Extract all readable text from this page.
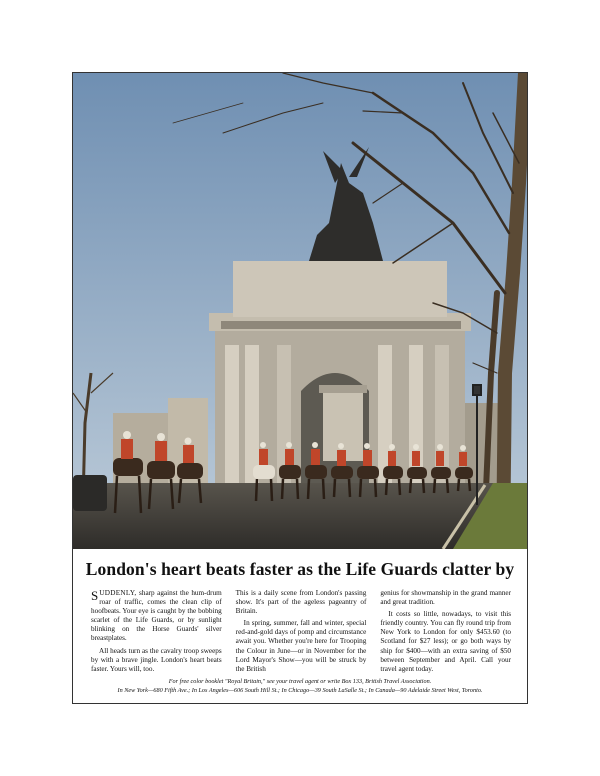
London's heart beats faster as the Life Guards clatter by

SUDDENLY, sharp against the hum-drum roar of traffic, comes the clean clip of hoofbeats. Your eye is caught by the bobbing scarlet of the Life Guards, or by sunlight blinking on the Horse Guards' silver breastplates.

All heads turn as the cavalry troop sweeps by with a brave jingle. London's heart beats faster. Yours will, too.

This is a daily scene from London's passing show. It's part of the ageless pageantry of Britain.

In spring, summer, fall and winter, special red-and-gold days of pomp and circumstance await you. Whether you're here for Trooping the Colour in June—or in November for the Lord Mayor's Show—you will be struck by the British

genius for showmanship in the grand manner and great tradition.

It costs so little, nowadays, to visit this friendly country. You can fly round trip from New York to London for only $453.60 (to Scotland for $27 less); or go both ways by ship for $400—with an extra saving of $50 between September and April. Call your travel agent today.

For free color booklet "Royal Britain," see your travel agent or write Box 133, British Travel Association.
In New York—680 Fifth Ave.; In Los Angeles—606 South Hill St.; In Chicago—39 South LaSalle St.; In Canada—90 Adelaide Street West, Toronto.
